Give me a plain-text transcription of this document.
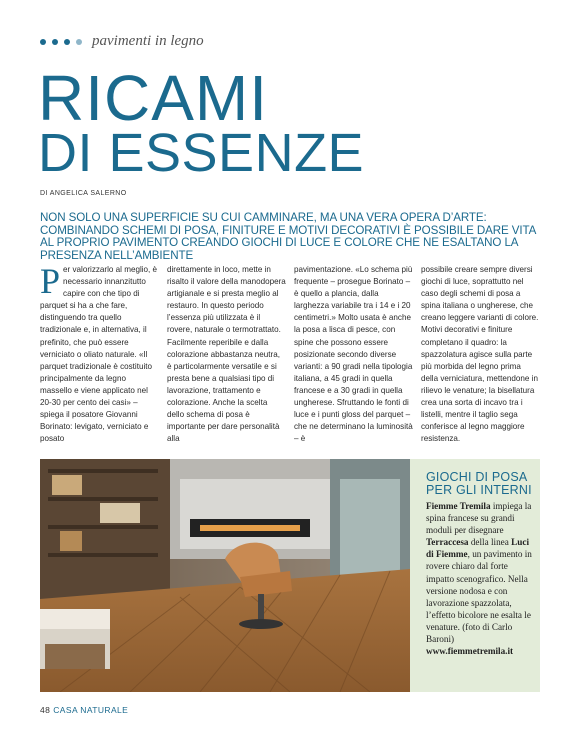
pavimenti in legno
RICAMI
DI ESSENZE
DI ANGELICA SALERNO
NON SOLO UNA SUPERFICIE SU CUI CAMMINARE, MA UNA VERA OPERA D’ARTE: COMBINANDO SCHEMI DI POSA, FINITURE E MOTIVI DECORATIVI È POSSIBILE DARE VITA AL PROPRIO PAVIMENTO CREANDO GIOCHI DI LUCE E COLORE CHE NE ESALTANO LA PRESENZA NELL’AMBIENTE
Per valorizzarlo al meglio, è necessario innanzitutto capire con che tipo di parquet si ha a che fare, distinguendo tra quello tradizionale e, in alternativa, il prefinito, che può essere verniciato o oliato naturale. «Il parquet tradizionale è costituito principalmente da legno massello e viene applicato nel 20-30 per cento dei casi» – spiega il posatore Giovanni Borinato: levigato, verniciato e posato
direttamente in loco, mette in risalto il valore della manodopera artigianale e si presta meglio al restauro. In questo periodo l’essenza più utilizzata è il rovere, naturale o termotrattato. Facilmente reperibile e dalla colorazione abbastanza neutra, è particolarmente versatile e si presta bene a qualsiasi tipo di lavorazione, trattamento e colorazione. Anche la scelta dello schema di posa è importante per dare personalità alla
pavimentazione. «Lo schema più frequente – prosegue Borinato – è quello a plancia, dalla larghezza variabile tra i 14 e i 20 centimetri.» Molto usata è anche la posa a lisca di pesce, con spine che possono essere posizionate secondo diverse varianti: a 90 gradi nella tipologia italiana, a 45 gradi in quella francese e a 30 gradi in quella ungherese. Sfruttando le fonti di luce e i punti gloss del parquet – che ne determinano la luminosità – è
possibile creare sempre diversi giochi di luce, soprattutto nel caso degli schemi di posa a spina italiana o ungherese, che creano leggere varianti di colore. Motivi decorativi e finiture completano il quadro: la spazzolatura agisce sulla parte più morbida del legno prima della verniciatura, mettendone in rilievo le venature; la bisellatura crea una sorta di incavo tra i listelli, mentre il taglio sega conferisce al legno maggiore resistenza.
GIOCHI DI POSA PER GLI INTERNI
Fiemme Tremila impiega la spina francese su grandi moduli per disegnare Terraccesa della linea Luci di Fiemme, un pavimento in rovere chiaro dal forte impatto scenografico. Nella versione nodosa e con lavorazione spazzolata, l’effetto bicolore ne esalta le venature. (foto di Carlo Baroni)
www.fiemmetremila.it
48 CASA NATURALE
